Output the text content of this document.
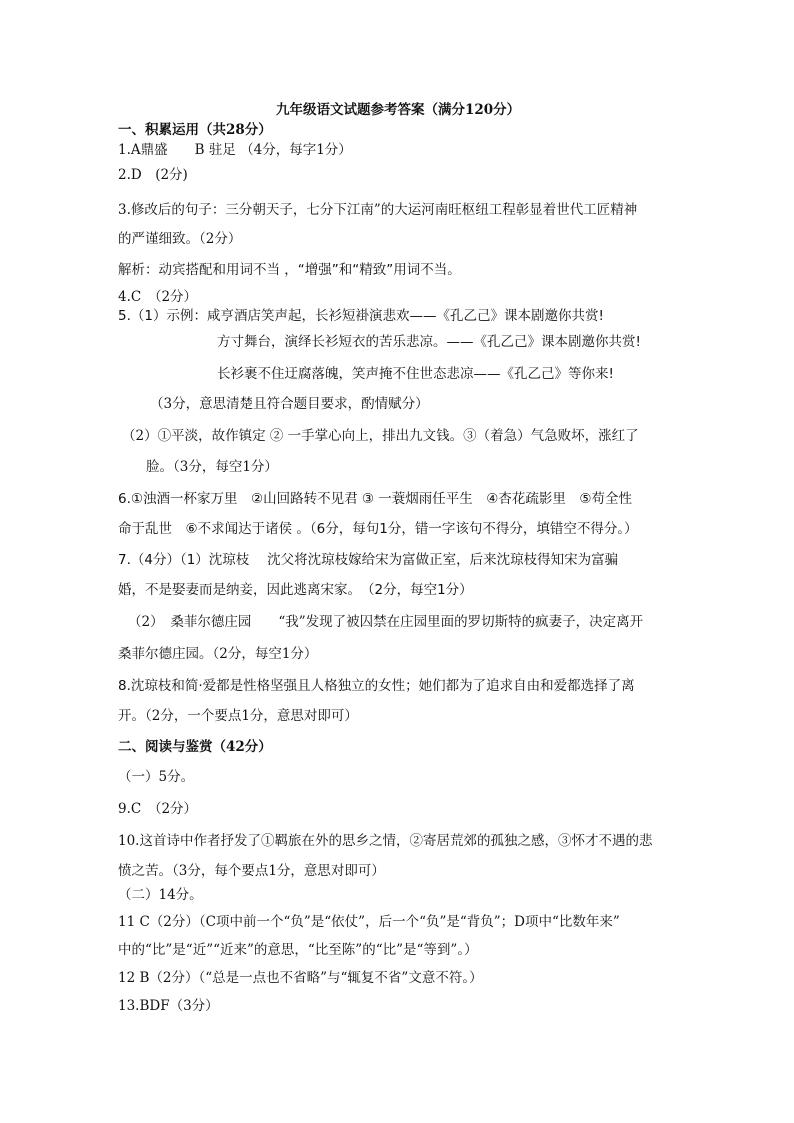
九年级语文试题参考答案（满分120分）
一、积累运用（共28分）
1.A鼎盛　　B 驻足 （4分，每字1分）
2.D　(2分)
3.修改后的句子：三分朝天子，七分下江南”的大运河南旺枢纽工程彰显着世代工匠精神
的严谨细致。（2分）
解析：动宾搭配和用词不当 ，“增强”和“精致”用词不当。
4.C　（2分）
5.（1）示例：咸亨酒店笑声起，长衫短褂演悲欢——《孔乙己》课本剧邀你共赏!
方寸舞台，演绎长衫短衣的苦乐悲凉。——《孔乙己》课本剧邀你共赏!
长衫裹不住迂腐落魄，笑声掩不住世态悲凉——《孔乙己》等你来!
（3分，意思清楚且符合题目要求，酌情赋分）
（2）①平淡，故作镇定 ② 一手掌心向上，排出九文钱。③（着急）气急败坏，涨红了
脸。（3分，每空1分）
6.①浊酒一杯家万里　②山回路转不见君 ③ 一蓑烟雨任平生　④杏花疏影里　⑤苟全性
命于乱世　⑥不求闻达于诸侯 。（6分，每句1分，错一字该句不得分，填错空不得分。）
7.（4分）（1）沈琼枝　 沈父将沈琼枝嫁给宋为富做正室，后来沈琼枝得知宋为富骗
婚，不是娶妻而是纳妾，因此逃离宋家。　（2分，每空1分）
（2）　桑菲尔德庄园　　“我”发现了被囚禁在庄园里面的罗切斯特的疯妻子，决定离开
桑菲尔德庄园。（2分，每空1分）
8.沈琼枝和简·爱都是性格坚强且人格独立的女性；她们都为了追求自由和爱都选择了离
开。（2分，一个要点1分，意思对即可）
二、阅读与鉴赏（42分）
（一）5分。
9.C　（2分）
10.这首诗中作者抒发了①羁旅在外的思乡之情，②寄居荒郊的孤独之感，③怀才不遇的悲
愤之苦。（3分，每个要点1分，意思对即可）
（二）14分。
11 C（2分）（C项中前一个“负”是“依仗”，后一个“负”是“背负”；D项中“比数年来”
中的“比”是“近”“近来”的意思，“比至陈”的“比”是“等到”。）
12 B（2分）（“总是一点也不省略”与“辄复不省”文意不符。）
13.BDF（3分）
